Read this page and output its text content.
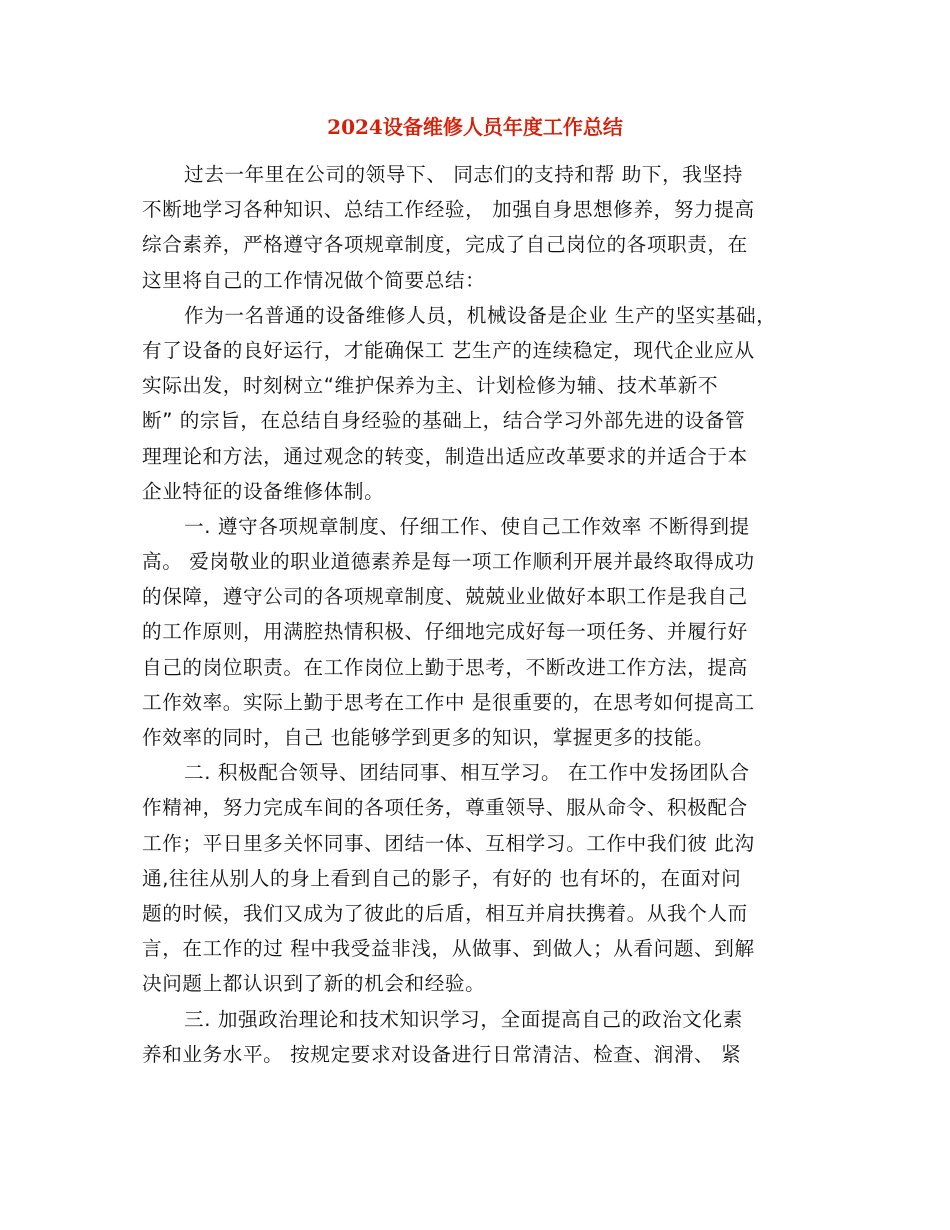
2024设备维修人员年度工作总结
过去一年里在公司的领导下、 同志们的支持和帮 助下，我坚持
不断地学习各种知识、总结工作经验， 加强自身思想修养，努力提高
综合素养，严格遵守各项规章制度，完成了自己岗位的各项职责，在
这里将自己的工作情况做个简要总结：
作为一名普通的设备维修人员，机械设备是企业 生产的坚实基础，
有了设备的良好运行，才能确保工 艺生产的连续稳定，现代企业应从
实际出发，时刻树立“维护保养为主、计划检修为辅、技术革新不
断” 的宗旨，在总结自身经验的基础上，结合学习外部先进的设备管
理理论和方法，通过观念的转变，制造出适应改革要求的并适合于本
企业特征的设备维修体制。
一. 遵守各项规章制度、仔细工作、使自己工作效率 不断得到提
高。 爱岗敬业的职业道德素养是每一项工作顺利开展并最终取得成功
的保障，遵守公司的各项规章制度、兢兢业业做好本职工作是我自己
的工作原则，用满腔热情积极、仔细地完成好每一项任务、并履行好
自己的岗位职责。在工作岗位上勤于思考，不断改进工作方法，提高
工作效率。实际上勤于思考在工作中 是很重要的，在思考如何提高工
作效率的同时，自己 也能够学到更多的知识，掌握更多的技能。
二. 积极配合领导、团结同事、相互学习。 在工作中发扬团队合
作精神，努力完成车间的各项任务，尊重领导、服从命令、积极配合
工作；平日里多关怀同事、团结一体、互相学习。工作中我们彼 此沟
通,往往从别人的身上看到自己的影子，有好的 也有坏的，在面对问
题的时候，我们又成为了彼此的后盾，相互并肩扶携着。从我个人而
言，在工作的过 程中我受益非浅，从做事、到做人；从看问题、到解
决问题上都认识到了新的机会和经验。
三. 加强政治理论和技术知识学习，全面提高自己的政治文化素
养和业务水平。 按规定要求对设备进行日常清洁、检查、润滑、 紧
